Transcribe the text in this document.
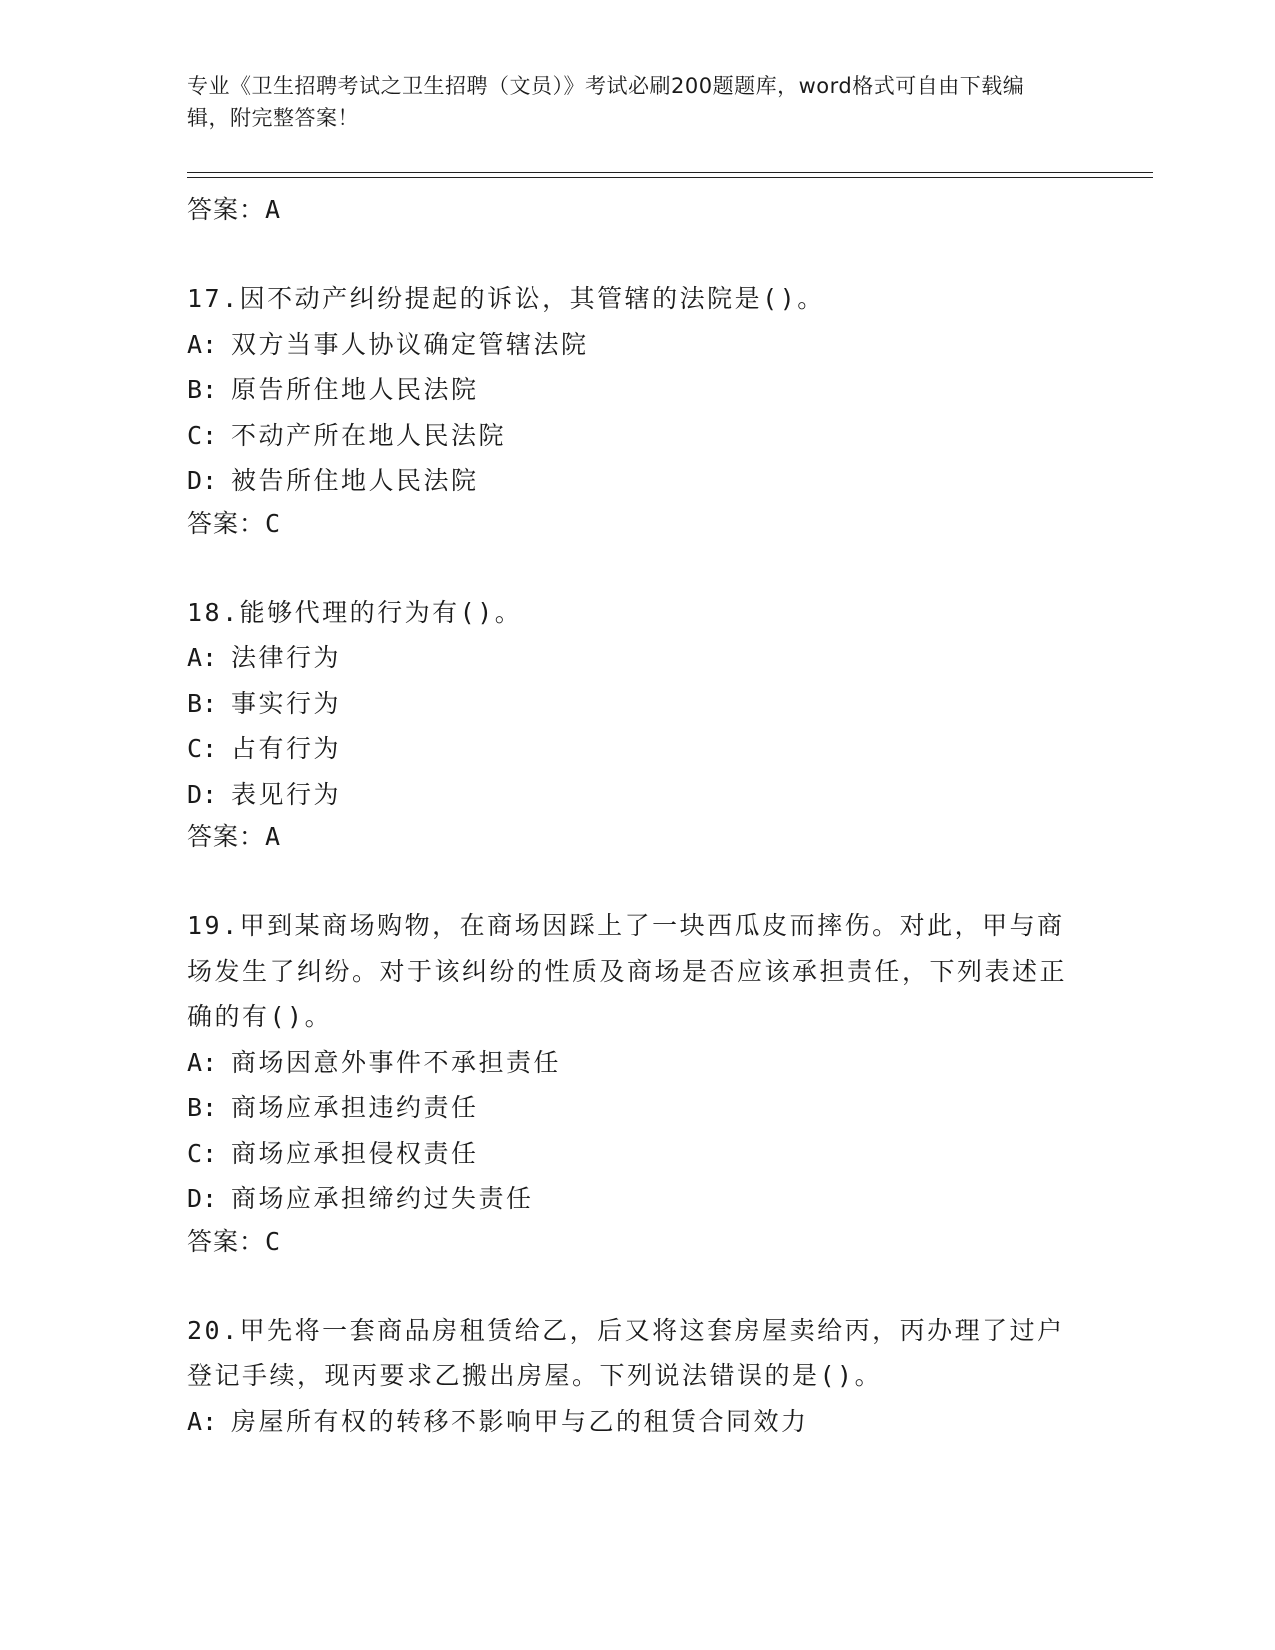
专业《卫生招聘考试之卫生招聘（文员）》考试必刷200题题库，word格式可自由下载编辑，附完整答案！
答案：A
17.因不动产纠纷提起的诉讼，其管辖的法院是()。
A: 双方当事人协议确定管辖法院
B: 原告所住地人民法院
C: 不动产所在地人民法院
D: 被告所住地人民法院
答案：C
18.能够代理的行为有()。
A: 法律行为
B: 事实行为
C: 占有行为
D: 表见行为
答案：A
19.甲到某商场购物，在商场因踩上了一块西瓜皮而摔伤。对此，甲与商场发生了纠纷。对于该纠纷的性质及商场是否应该承担责任，下列表述正确的有()。
A: 商场因意外事件不承担责任
B: 商场应承担违约责任
C: 商场应承担侵权责任
D: 商场应承担缔约过失责任
答案：C
20.甲先将一套商品房租赁给乙，后又将这套房屋卖给丙，丙办理了过户登记手续，现丙要求乙搬出房屋。下列说法错误的是()。
A: 房屋所有权的转移不影响甲与乙的租赁合同效力
